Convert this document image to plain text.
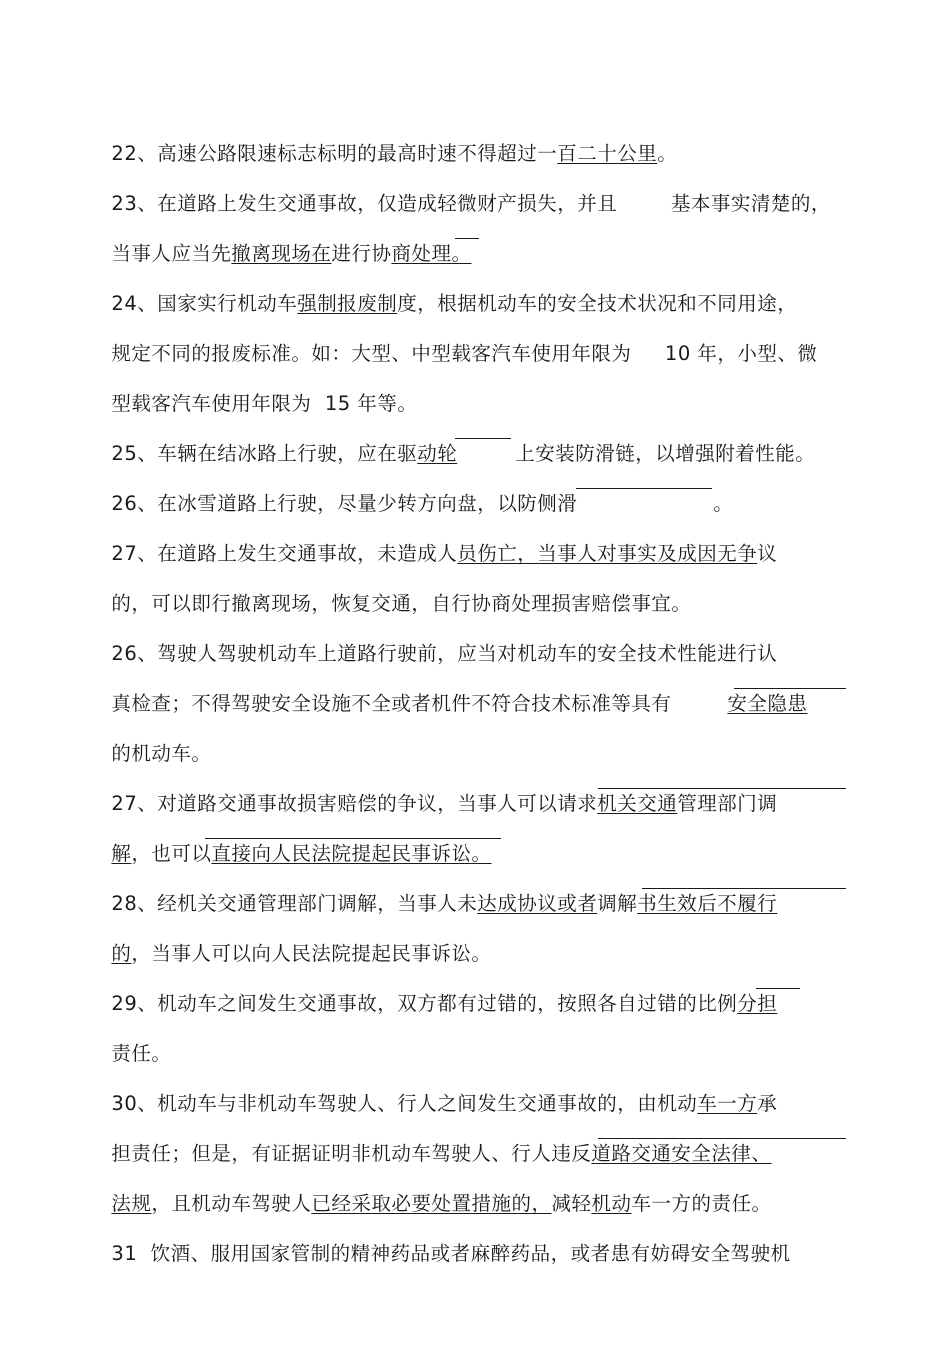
22、高速公路限速标志标明的最高时速不得超过一百二十公里。

23、在道路上发生交通事故，仅造成轻微财产损失，并且	基本事实清楚的，

当事人应当先撤离现场在进行协商处理。

24、国家实行机动车强制报废制度，根据机动车的安全技术状况和不同用途，

规定不同的报废标准。如：大型、中型载客汽车使用年限为 10 年，小型、微

型载客汽车使用年限为 15 年等。

25、车辆在结冰路上行驶，应在驱动轮	上安装防滑链，以增强附着性能。

26、在冰雪道路上行驶，尽量少转方向盘，以防侧滑	。

27、在道路上发生交通事故，未造成人员伤亡，当事人对事实及成因无争议

的，可以即行撤离现场，恢复交通，自行协商处理损害赔偿事宜。

26、驾驶人驾驶机动车上道路行驶前，应当对机动车的安全技术性能进行认

真检查；不得驾驶安全设施不全或者机件不符合技术标准等具有	安全隐患

的机动车。

27、对道路交通事故损害赔偿的争议，当事人可以请求机关交通管理部门调

解，也可以直接向人民法院提起民事诉讼。

28、经机关交通管理部门调解，当事人未达成协议或者调解书生效后不履行

的，当事人可以向人民法院提起民事诉讼。

29、机动车之间发生交通事故，双方都有过错的，按照各自过错的比例分担

责任。

30、机动车与非机动车驾驶人、行人之间发生交通事故的，由机动车一方承

担责任；但是，有证据证明非机动车驾驶人、行人违反道路交通安全法律、

法规，且机动车驾驶人已经采取必要处置措施的，减轻机动车一方的责任。

31  饮酒、服用国家管制的精神药品或者麻醉药品，或者患有妨碍安全驾驶机
